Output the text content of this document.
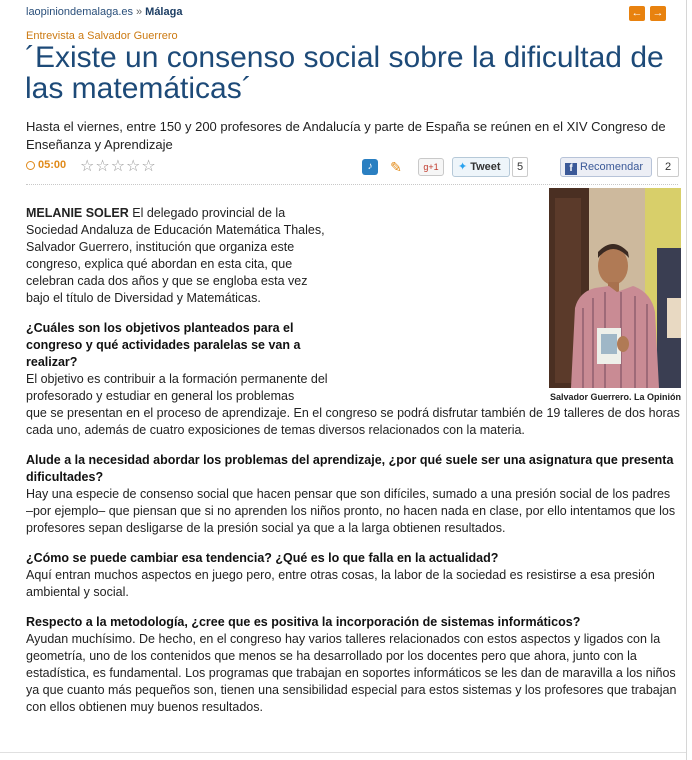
laopiniondemalaga.es » Málaga	← →
Entrevista a Salvador Guerrero
´Existe un consenso social sobre la dificultad de las matemáticas´
Hasta el viernes, entre 150 y 200 profesores de Andalucía y parte de España se reúnen en el XIV Congreso de Enseñanza y Aprendizaje
05:00 ☆☆☆☆☆	♪	✎	g+1	✦ Tweet	5	f Recomendar	2
Salvador Guerrero. La Opinión

MELANIE SOLER El delegado provincial de la Sociedad Andaluza de Educación Matemática Thales, Salvador Guerrero, institución que organiza este congreso, explica qué abordan en esta cita, que celebran cada dos años y que se engloba esta vez bajo el título de Diversidad y Matemáticas.

¿Cuáles son los objetivos planteados para el congreso y qué actividades paralelas se van a realizar?
El objetivo es contribuir a la formación permanente del profesorado y estudiar en general los problemas
que se presentan en el proceso de aprendizaje. En el congreso se podrá disfrutar también de 19 talleres de dos horas cada uno, además de cuatro exposiciones de temas diversos relacionados con la materia.

Alude a la necesidad abordar los problemas del aprendizaje, ¿por qué suele ser una asignatura que presenta dificultades?
Hay una especie de consenso social que hacen pensar que son difíciles, sumado a una presión social de los padres –por ejemplo– que piensan que si no aprenden los niños pronto, no hacen nada en clase, por ello intentamos que los profesores sepan desligarse de la presión social ya que a la larga obtienen resultados.

¿Cómo se puede cambiar esa tendencia? ¿Qué es lo que falla en la actualidad?
Aquí entran muchos aspectos en juego pero, entre otras cosas, la labor de la sociedad es resistirse a esa presión ambiental y social.

Respecto a la metodología, ¿cree que es positiva la incorporación de sistemas informáticos?
Ayudan muchísimo. De hecho, en el congreso hay varios talleres relacionados con estos aspectos y ligados con la geometría, uno de los contenidos que menos se ha desarrollado por los docentes pero que ahora, junto con la estadística, es fundamental. Los programas que trabajan en soportes informáticos se les dan de maravilla a los niños ya que cuanto más pequeños son, tienen una sensibilidad especial para estos sistemas y los profesores que trabajan con ellos obtienen muy buenos resultados.
